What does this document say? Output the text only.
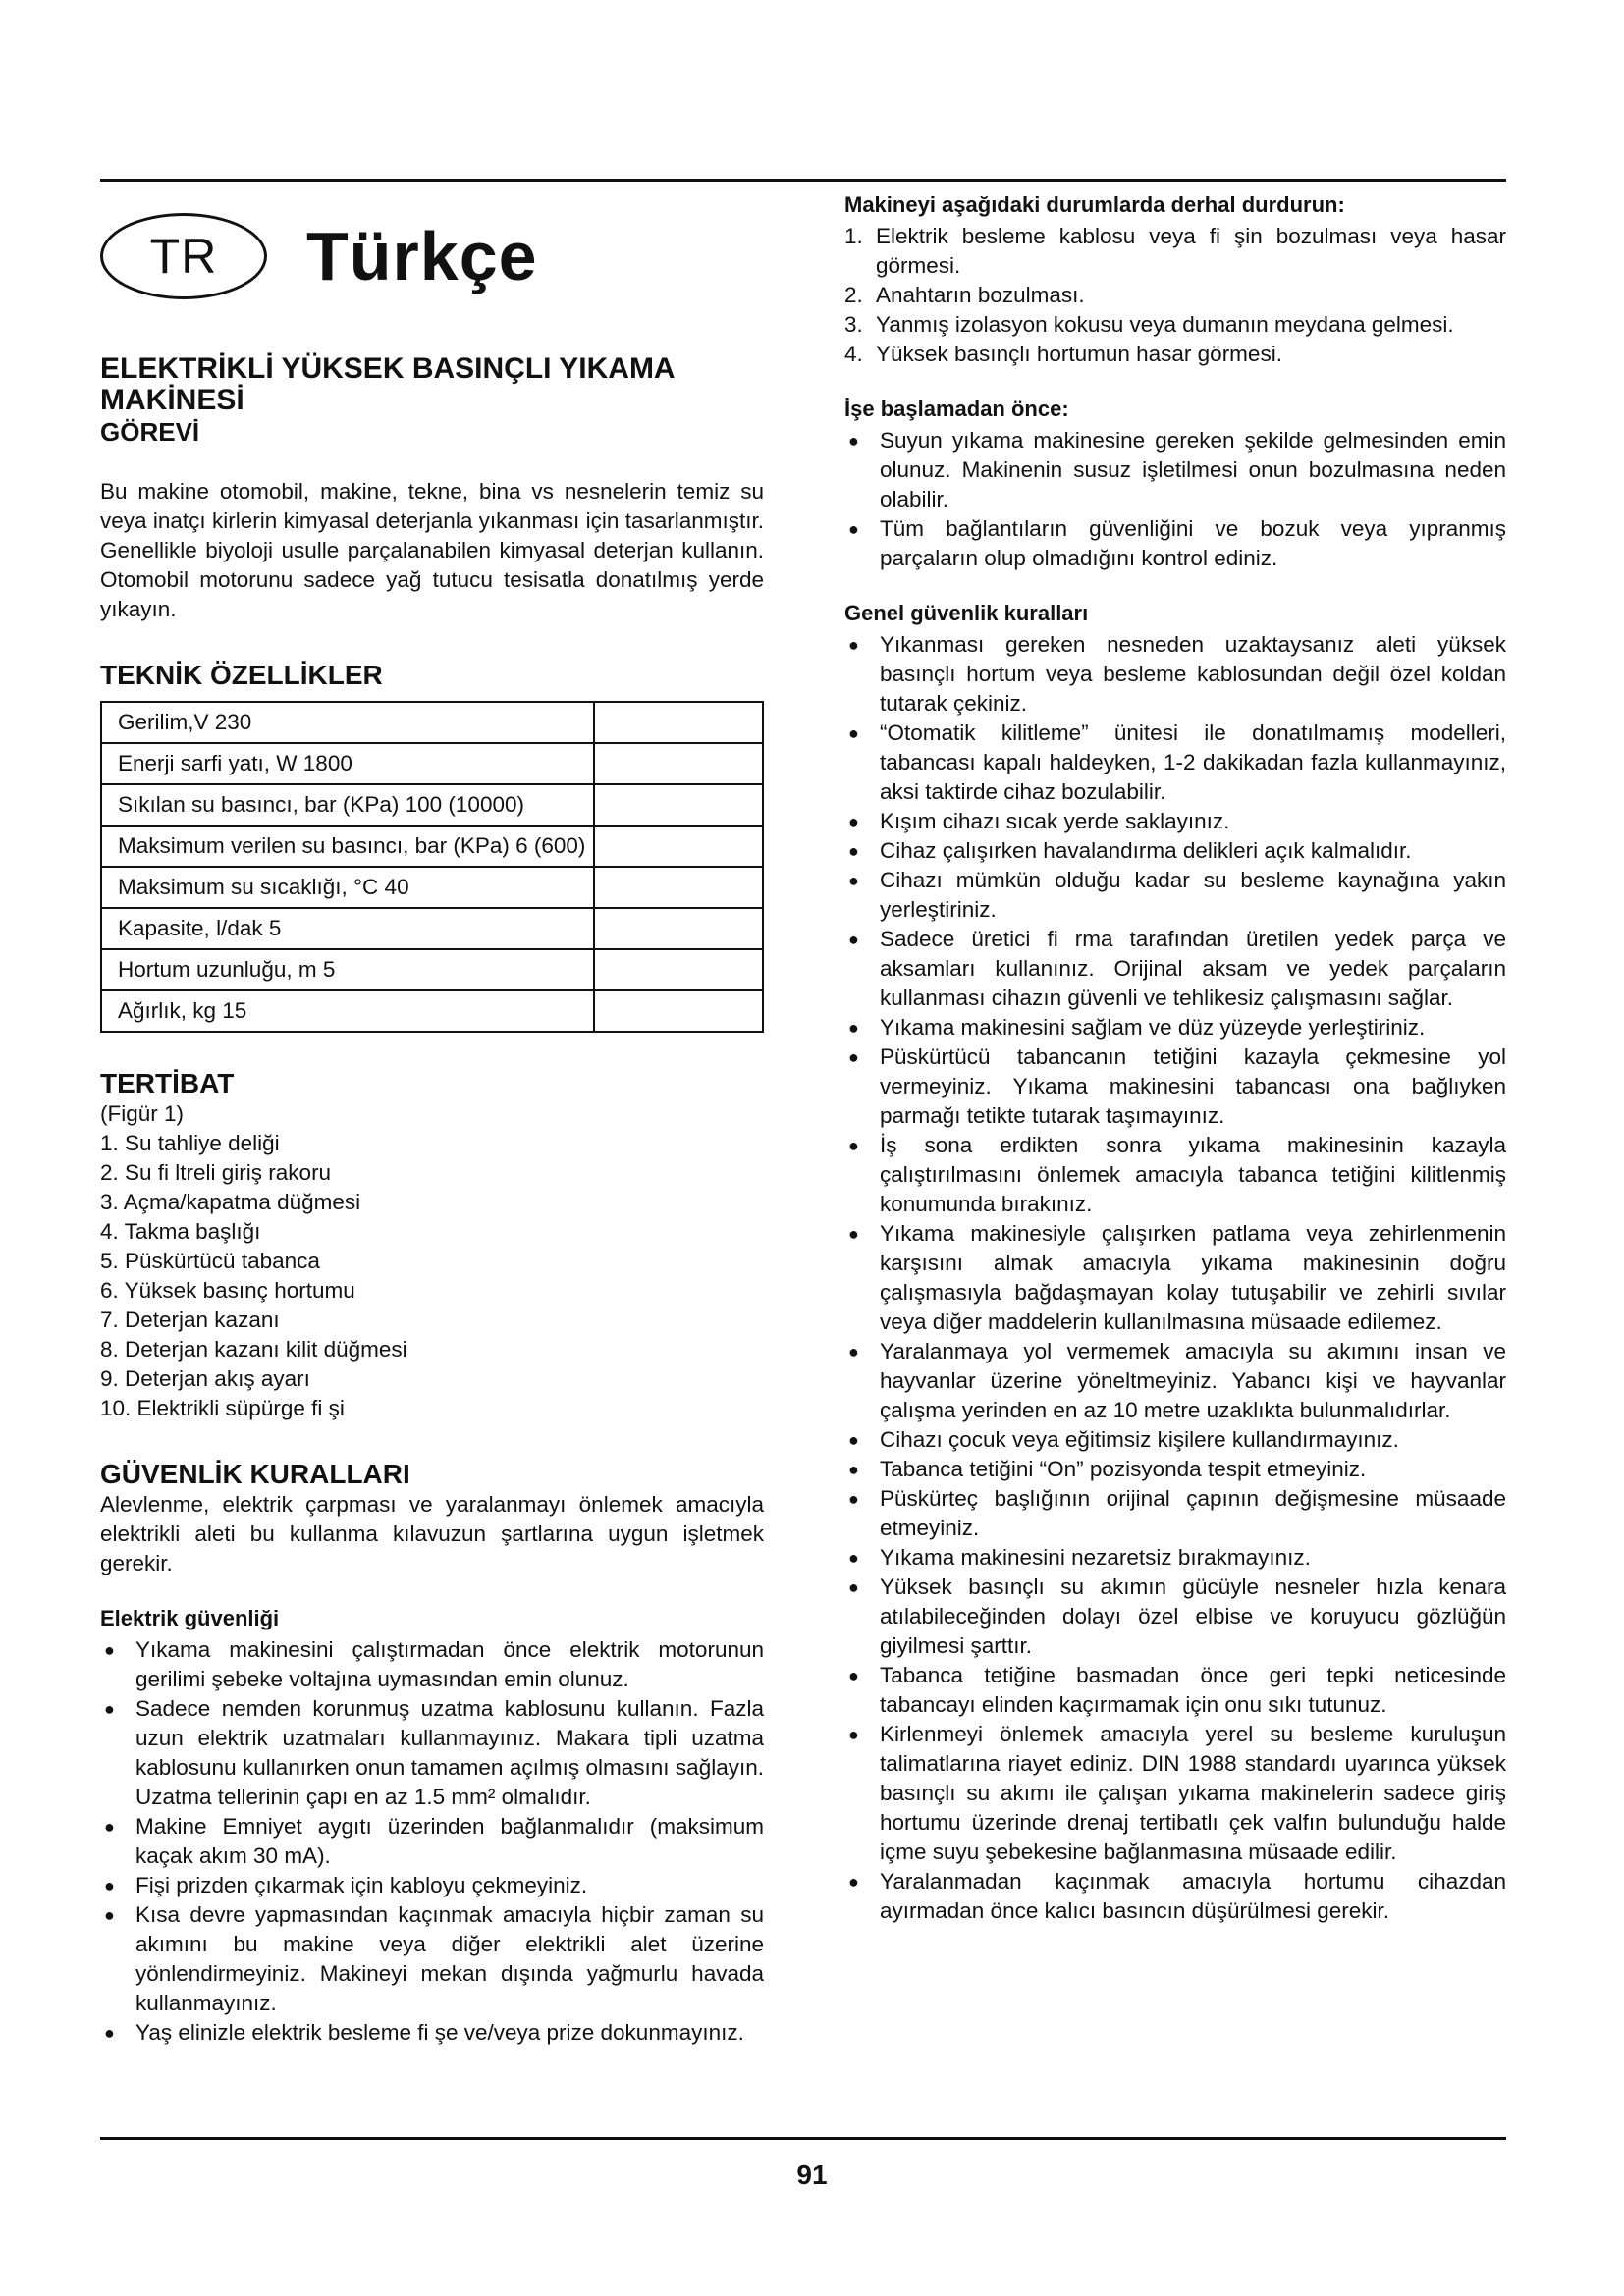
TR	Türkçe
ELEKTRİKLİ YÜKSEK BASINÇLI YIKAMA MAKİNESİ
GÖREVİ

Bu makine otomobil, makine, tekne, bina vs nesnelerin temiz su veya inatçı kirlerin kimyasal deterjanla yıkanması için tasarlanmıştır. Genellikle biyoloji usulle parçalanabilen kimyasal deterjan kullanın. Otomobil motorunu sadece yağ tutucu tesisatla donatılmış yerde yıkayın.

TEKNİK ÖZELLİKLER
Gerilim,V 230	
Enerji sarfi yatı, W 1800	
Sıkılan su basıncı, bar (KPa) 100 (10000)	
Maksimum verilen su basıncı, bar (KPa) 6 (600)	
Maksimum su sıcaklığı, °C 40	
Kapasite, l/dak 5	
Hortum uzunluğu, m 5	
Ağırlık, kg 15	
TERTİBAT
(Figür 1)
1. Su tahliye deliği
2. Su fi ltreli giriş rakoru
3. Açma/kapatma düğmesi
4. Takma başlığı
5. Püskürtücü tabanca
6. Yüksek basınç hortumu
7. Deterjan kazanı
8. Deterjan kazanı kilit düğmesi
9. Deterjan akış ayarı
10. Elektrikli süpürge fi şi
GÜVENLİK KURALLARI

Alevlenme, elektrik çarpması ve yaralanmayı önlemek amacıyla elektrikli aleti bu kullanma kılavuzun şartlarına uygun işletmek gerekir.

Elektrik güvenliği
● Yıkama makinesini çalıştırmadan önce elektrik motorunun gerilimi şebeke voltajına uymasından emin olunuz.
● Sadece nemden korunmuş uzatma kablosunu kullanın. Fazla uzun elektrik uzatmaları kullanmayınız. Makara tipli uzatma kablosunu kullanırken onun tamamen açılmış olmasını sağlayın. Uzatma tellerinin çapı en az 1.5 mm² olmalıdır.
● Makine Emniyet aygıtı üzerinden bağlanmalıdır (maksimum kaçak akım 30 mA).
● Fişi prizden çıkarmak için kabloyu çekmeyiniz.
● Kısa devre yapmasından kaçınmak amacıyla hiçbir zaman su akımını bu makine veya diğer elektrikli alet üzerine yönlendirmeyiniz. Makineyi mekan dışında yağmurlu havada kullanmayınız.
● Yaş elinizle elektrik besleme fi şe ve/veya prize dokunmayınız.
Makineyi aşağıdaki durumlarda derhal durdurun:
1. Elektrik besleme kablosu veya fi şin bozulması veya hasar görmesi.
2. Anahtarın bozulması.
3. Yanmış izolasyon kokusu veya dumanın meydana gelmesi.
4. Yüksek basınçlı hortumun hasar görmesi.
İşe başlamadan önce:
● Suyun yıkama makinesine gereken şekilde gelmesinden emin olunuz. Makinenin susuz işletilmesi onun bozulmasına neden olabilir.
● Tüm bağlantıların güvenliğini ve bozuk veya yıpranmış parçaların olup olmadığını kontrol ediniz.
Genel güvenlik kuralları
● Yıkanması gereken nesneden uzaktaysanız aleti yüksek basınçlı hortum veya besleme kablosundan değil özel koldan tutarak çekiniz.
● “Otomatik kilitleme” ünitesi ile donatılmamış modelleri, tabancası kapalı haldeyken, 1-2 dakikadan fazla kullanmayınız, aksi taktirde cihaz bozulabilir.
● Kışım cihazı sıcak yerde saklayınız.
● Cihaz çalışırken havalandırma delikleri açık kalmalıdır.
● Cihazı mümkün olduğu kadar su besleme kaynağına yakın yerleştiriniz.
● Sadece üretici fi rma tarafından üretilen yedek parça ve aksamları kullanınız. Orijinal aksam ve yedek parçaların kullanması cihazın güvenli ve tehlikesiz çalışmasını sağlar.
● Yıkama makinesini sağlam ve düz yüzeyde yerleştiriniz.
● Püskürtücü tabancanın tetiğini kazayla çekmesine yol vermeyiniz. Yıkama makinesini tabancası ona bağlıyken parmağı tetikte tutarak taşımayınız.
● İş sona erdikten sonra yıkama makinesinin kazayla çalıştırılmasını önlemek amacıyla tabanca tetiğini kilitlenmiş konumunda bırakınız.
● Yıkama makinesiyle çalışırken patlama veya zehirlenmenin karşısını almak amacıyla yıkama makinesinin doğru çalışmasıyla bağdaşmayan kolay tutuşabilir ve zehirli sıvılar veya diğer maddelerin kullanılmasına müsaade edilemez.
● Yaralanmaya yol vermemek amacıyla su akımını insan ve hayvanlar üzerine yöneltmeyiniz. Yabancı kişi ve hayvanlar çalışma yerinden en az 10 metre uzaklıkta bulunmalıdırlar.
● Cihazı çocuk veya eğitimsiz kişilere kullandırmayınız.
● Tabanca tetiğini “On” pozisyonda tespit etmeyiniz.
● Püskürteç başlığının orijinal çapının değişmesine müsaade etmeyiniz.
● Yıkama makinesini nezaretsiz bırakmayınız.
● Yüksek basınçlı su akımın gücüyle nesneler hızla kenara atılabileceğinden dolayı özel elbise ve koruyucu gözlüğün giyilmesi şarttır.
● Tabanca tetiğine basmadan önce geri tepki neticesinde tabancayı elinden kaçırmamak için onu sıkı tutunuz.
● Kirlenmeyi önlemek amacıyla yerel su besleme kuruluşun talimatlarına riayet ediniz. DIN 1988 standardı uyarınca yüksek basınçlı su akımı ile çalışan yıkama makinelerin sadece giriş hortumu üzerinde drenaj tertibatlı çek valfın bulunduğu halde içme suyu şebekesine bağlanmasına müsaade edilir.
● Yaralanmadan kaçınmak amacıyla hortumu cihazdan ayırmadan önce kalıcı basıncın düşürülmesi gerekir.
91
